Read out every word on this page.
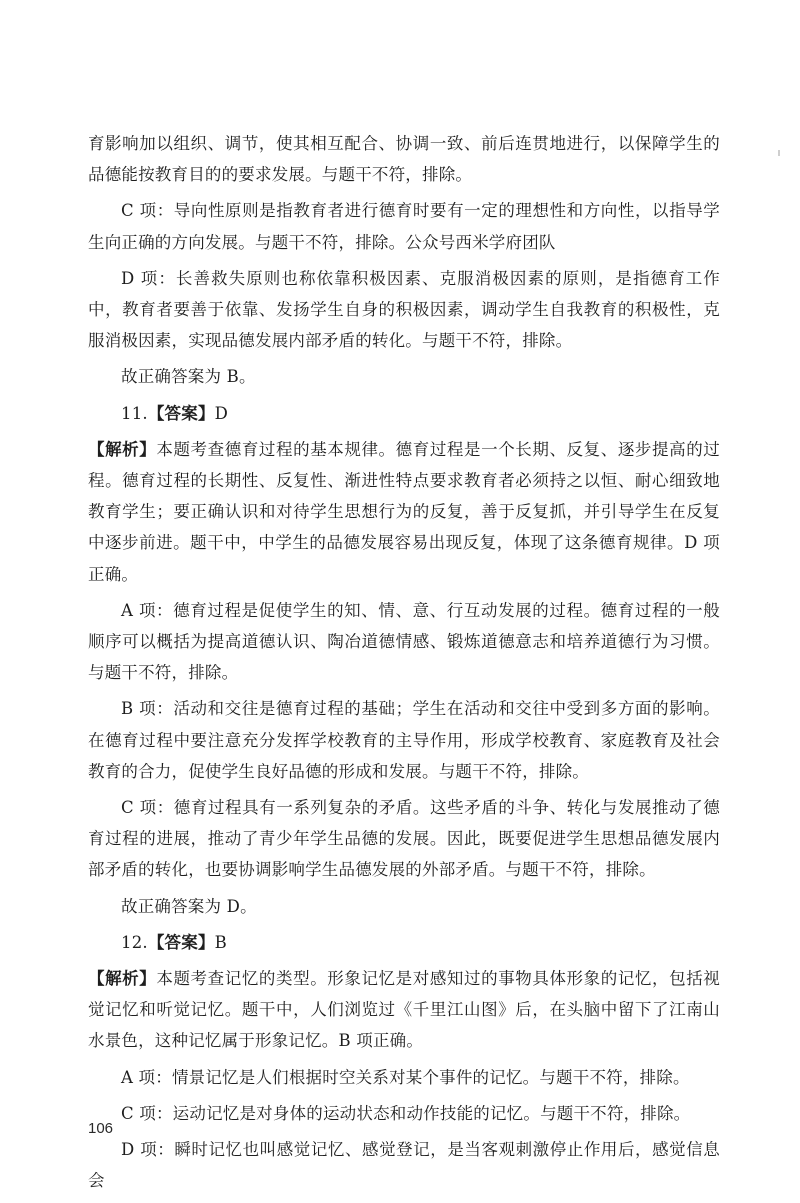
育影响加以组织、调节，使其相互配合、协调一致、前后连贯地进行，以保障学生的品德能按教育目的的要求发展。与题干不符，排除。

C 项：导向性原则是指教育者进行德育时要有一定的理想性和方向性，以指导学生向正确的方向发展。与题干不符，排除。公众号西米学府团队

D 项：长善救失原则也称依靠积极因素、克服消极因素的原则，是指德育工作中，教育者要善于依靠、发扬学生自身的积极因素，调动学生自我教育的积极性，克服消极因素，实现品德发展内部矛盾的转化。与题干不符，排除。

故正确答案为 B。

11.【答案】D

【解析】本题考查德育过程的基本规律。德育过程是一个长期、反复、逐步提高的过程。德育过程的长期性、反复性、渐进性特点要求教育者必须持之以恒、耐心细致地教育学生；要正确认识和对待学生思想行为的反复，善于反复抓，并引导学生在反复中逐步前进。题干中，中学生的品德发展容易出现反复，体现了这条德育规律。D 项正确。

A 项：德育过程是促使学生的知、情、意、行互动发展的过程。德育过程的一般顺序可以概括为提高道德认识、陶冶道德情感、锻炼道德意志和培养道德行为习惯。与题干不符，排除。

B 项：活动和交往是德育过程的基础；学生在活动和交往中受到多方面的影响。在德育过程中要注意充分发挥学校教育的主导作用，形成学校教育、家庭教育及社会教育的合力，促使学生良好品德的形成和发展。与题干不符，排除。

C 项：德育过程具有一系列复杂的矛盾。这些矛盾的斗争、转化与发展推动了德育过程的进展，推动了青少年学生品德的发展。因此，既要促进学生思想品德发展内部矛盾的转化，也要协调影响学生品德发展的外部矛盾。与题干不符，排除。

故正确答案为 D。

12.【答案】B

【解析】本题考查记忆的类型。形象记忆是对感知过的事物具体形象的记忆，包括视觉记忆和听觉记忆。题干中，人们浏览过《千里江山图》后，在头脑中留下了江南山水景色，这种记忆属于形象记忆。B 项正确。

A 项：情景记忆是人们根据时空关系对某个事件的记忆。与题干不符，排除。

C 项：运动记忆是对身体的运动状态和动作技能的记忆。与题干不符，排除。

D 项：瞬时记忆也叫感觉记忆、感觉登记，是当客观刺激停止作用后，感觉信息会

106
